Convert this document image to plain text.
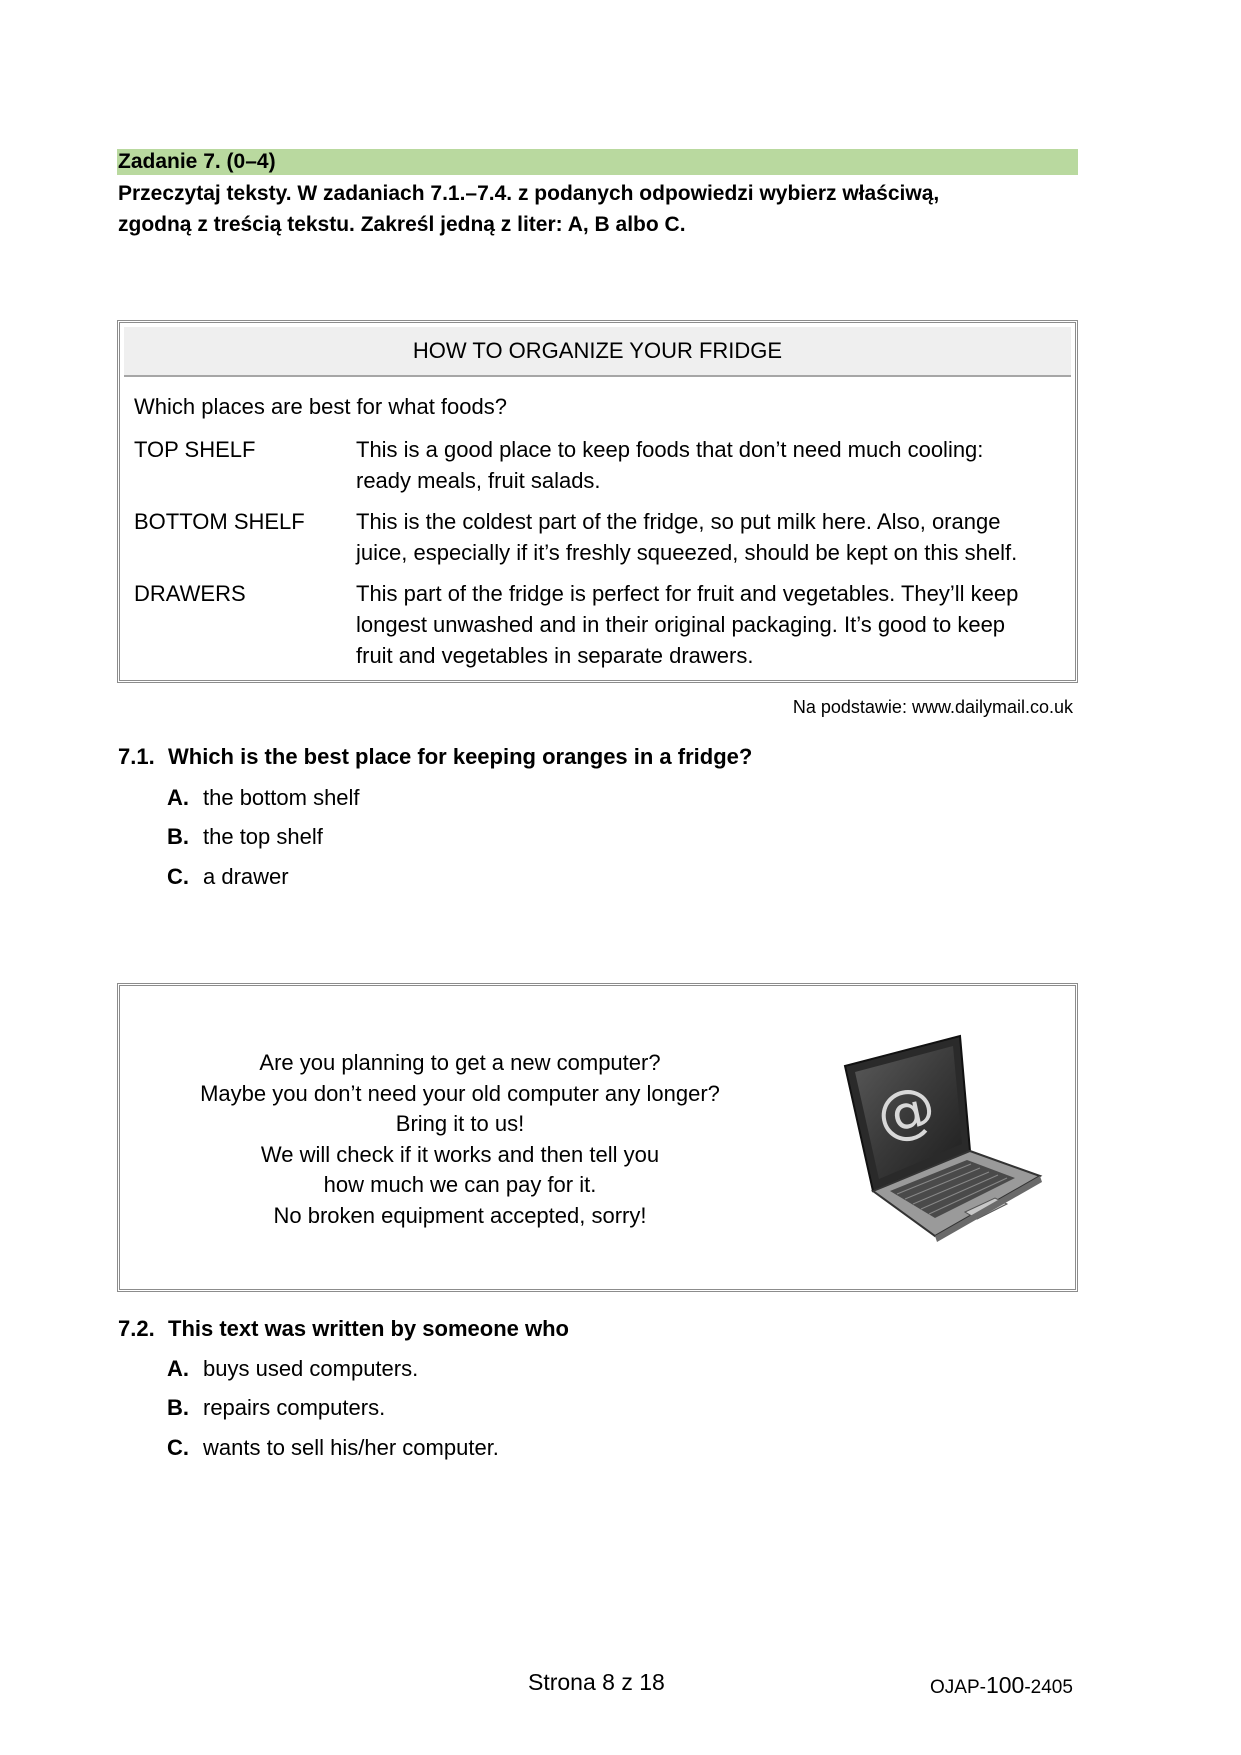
Zadanie 7. (0–4)
Przeczytaj teksty. W zadaniach 7.1.–7.4. z podanych odpowiedzi wybierz właściwą,
zgodną z treścią tekstu. Zakreśl jedną z liter: A, B albo C.
HOW TO ORGANIZE YOUR FRIDGE
Which places are best for what foods?
TOP SHELF	This is a good place to keep foods that don’t need much cooling:
ready meals, fruit salads.
BOTTOM SHELF	This is the coldest part of the fridge, so put milk here. Also, orange
juice, especially if it’s freshly squeezed, should be kept on this shelf.
DRAWERS	This part of the fridge is perfect for fruit and vegetables. They’ll keep
longest unwashed and in their original packaging. It’s good to keep
fruit and vegetables in separate drawers.
Na podstawie: www.dailymail.co.uk
7.1. Which is the best place for keeping oranges in a fridge?
A. the bottom shelf
B. the top shelf
C. a drawer
Are you planning to get a new computer?
Maybe you don’t need your old computer any longer?
Bring it to us!
We will check if it works and then tell you
how much we can pay for it.
No broken equipment accepted, sorry!
@
7.2. This text was written by someone who
A. buys used computers.
B. repairs computers.
C. wants to sell his/her computer.
Strona 8 z 18	OJAP-100-2405
